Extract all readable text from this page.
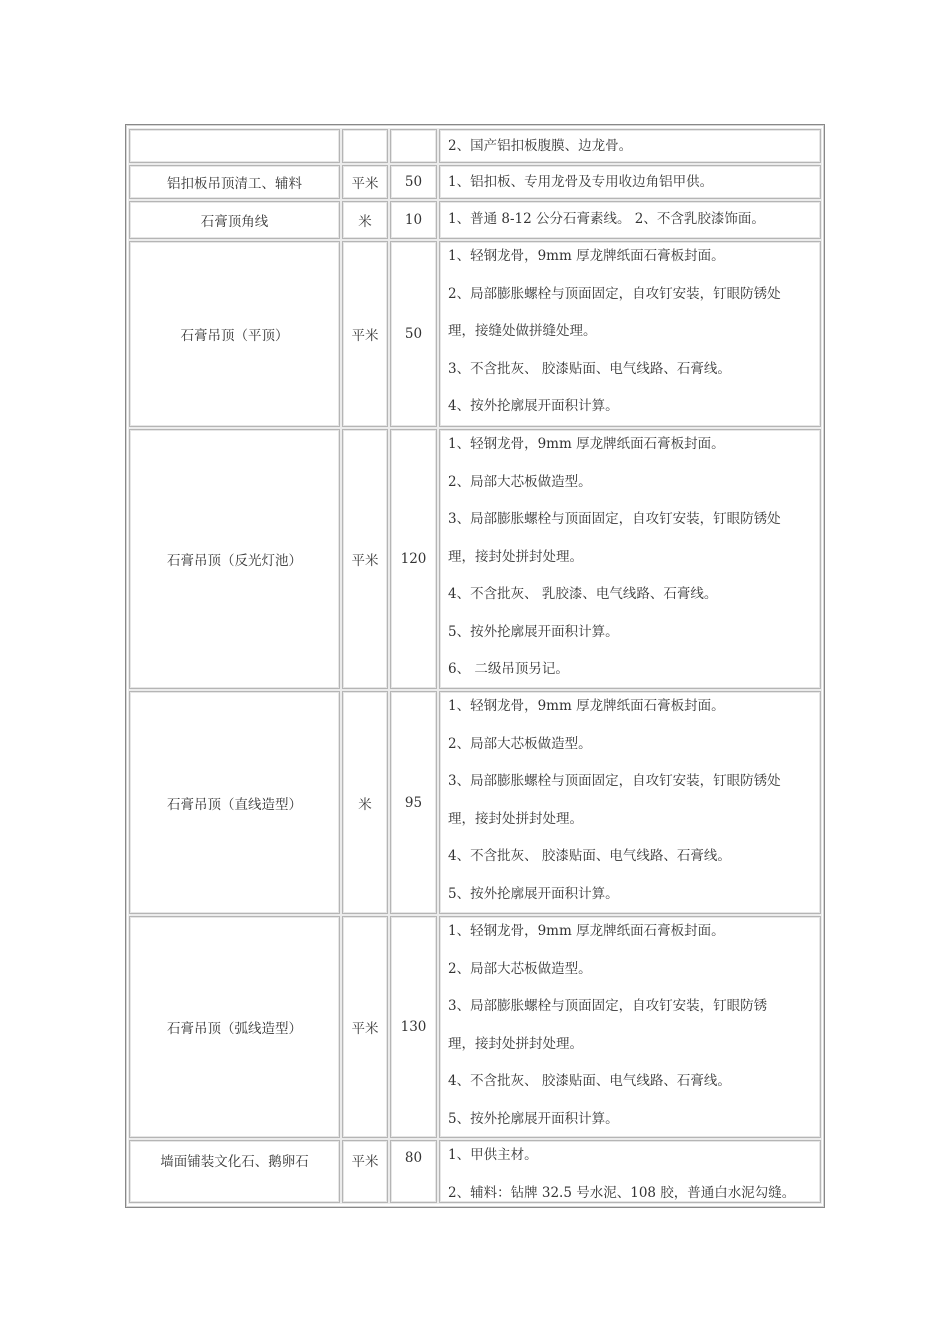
2、国产铝扣板腹膜、边龙骨。
铝扣板吊顶清工、辅料	平米 50 1、铝扣板、专用龙骨及专用收边角铝甲供。
石膏顶角线	米 10 1、普通 8-12 公分石膏素线。 2、不含乳胶漆饰面。
石膏吊顶（平顶）	平米 50
1、轻钢龙骨，9mm 厚龙牌纸面石膏板封面。
2、局部膨胀螺栓与顶面固定，自攻钉安装，钉眼防锈处
理，接缝处做拼缝处理。
3、不含批灰、 胶漆贴面、电气线路、石膏线。
4、按外抡廓展开面积计算。
石膏吊顶（反光灯池）	平米 120
1、轻钢龙骨，9mm 厚龙牌纸面石膏板封面。
2、局部大芯板做造型。
3、局部膨胀螺栓与顶面固定，自攻钉安装，钉眼防锈处
理，接封处拼封处理。
4、不含批灰、 乳胶漆、电气线路、石膏线。
5、按外抡廓展开面积计算。
6、 二级吊顶另记。
石膏吊顶（直线造型）	米 95
1、轻钢龙骨，9mm 厚龙牌纸面石膏板封面。
2、局部大芯板做造型。
3、局部膨胀螺栓与顶面固定，自攻钉安装，钉眼防锈处
理，接封处拼封处理。
4、不含批灰、 胶漆贴面、电气线路、石膏线。
5、按外抡廓展开面积计算。
石膏吊顶（弧线造型）	平米 130
1、轻钢龙骨，9mm 厚龙牌纸面石膏板封面。
2、局部大芯板做造型。
3、局部膨胀螺栓与顶面固定，自攻钉安装，钉眼防锈
理，接封处拼封处理。
4、不含批灰、 胶漆贴面、电气线路、石膏线。
5、按外抡廓展开面积计算。
墙面铺装文化石、鹅卵石	平米 80 1、甲供主材。
2、辅料：钻牌 32.5 号水泥、108 胶，普通白水泥勾缝。
